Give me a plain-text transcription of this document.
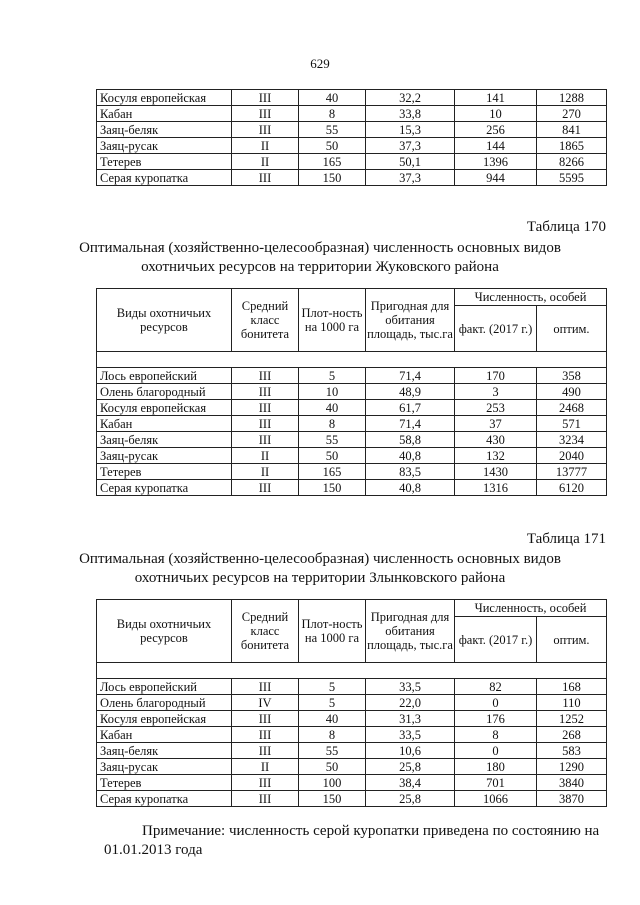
629
Косуля европейская	III	40	32,2	141	1288
Кабан	III	8	33,8	10	270
Заяц-беляк	III	55	15,3	256	841
Заяц-русак	II	50	37,3	144	1865
Тетерев	II	165	50,1	1396	8266
Серая куропатка	III	150	37,3	944	5595
Таблица 170
Оптимальная (хозяйственно-целесообразная) численность основных видов
охотничьих ресурсов на территории Жуковского района
Виды охотничьих ресурсов	Средний класс бонитета	Плот-ность на 1000 га	Пригодная для обитания площадь, тыс.га	Численность, особей	
				факт. (2017 г.)	оптим.

Лось европейский	III	5	71,4	170	358
Олень благородный	III	10	48,9	3	490
Косуля европейская	III	40	61,7	253	2468
Кабан	III	8	71,4	37	571
Заяц-беляк	III	55	58,8	430	3234
Заяц-русак	II	50	40,8	132	2040
Тетерев	II	165	83,5	1430	13777
Серая куропатка	III	150	40,8	1316	6120
Таблица 171
Оптимальная (хозяйственно-целесообразная) численность основных видов
охотничьих ресурсов на территории Злынковского района
Виды охотничьих ресурсов	Средний класс бонитета	Плот-ность на 1000 га	Пригодная для обитания площадь, тыс.га	Численность, особей	
				факт. (2017 г.)	оптим.

Лось европейский	III	5	33,5	82	168
Олень благородный	IV	5	22,0	0	110
Косуля европейская	III	40	31,3	176	1252
Кабан	III	8	33,5	8	268
Заяц-беляк	III	55	10,6	0	583
Заяц-русак	II	50	25,8	180	1290
Тетерев	III	100	38,4	701	3840
Серая куропатка	III	150	25,8	1066	3870
Примечание: численность серой куропатки приведена по состоянию на 01.01.2013 года
